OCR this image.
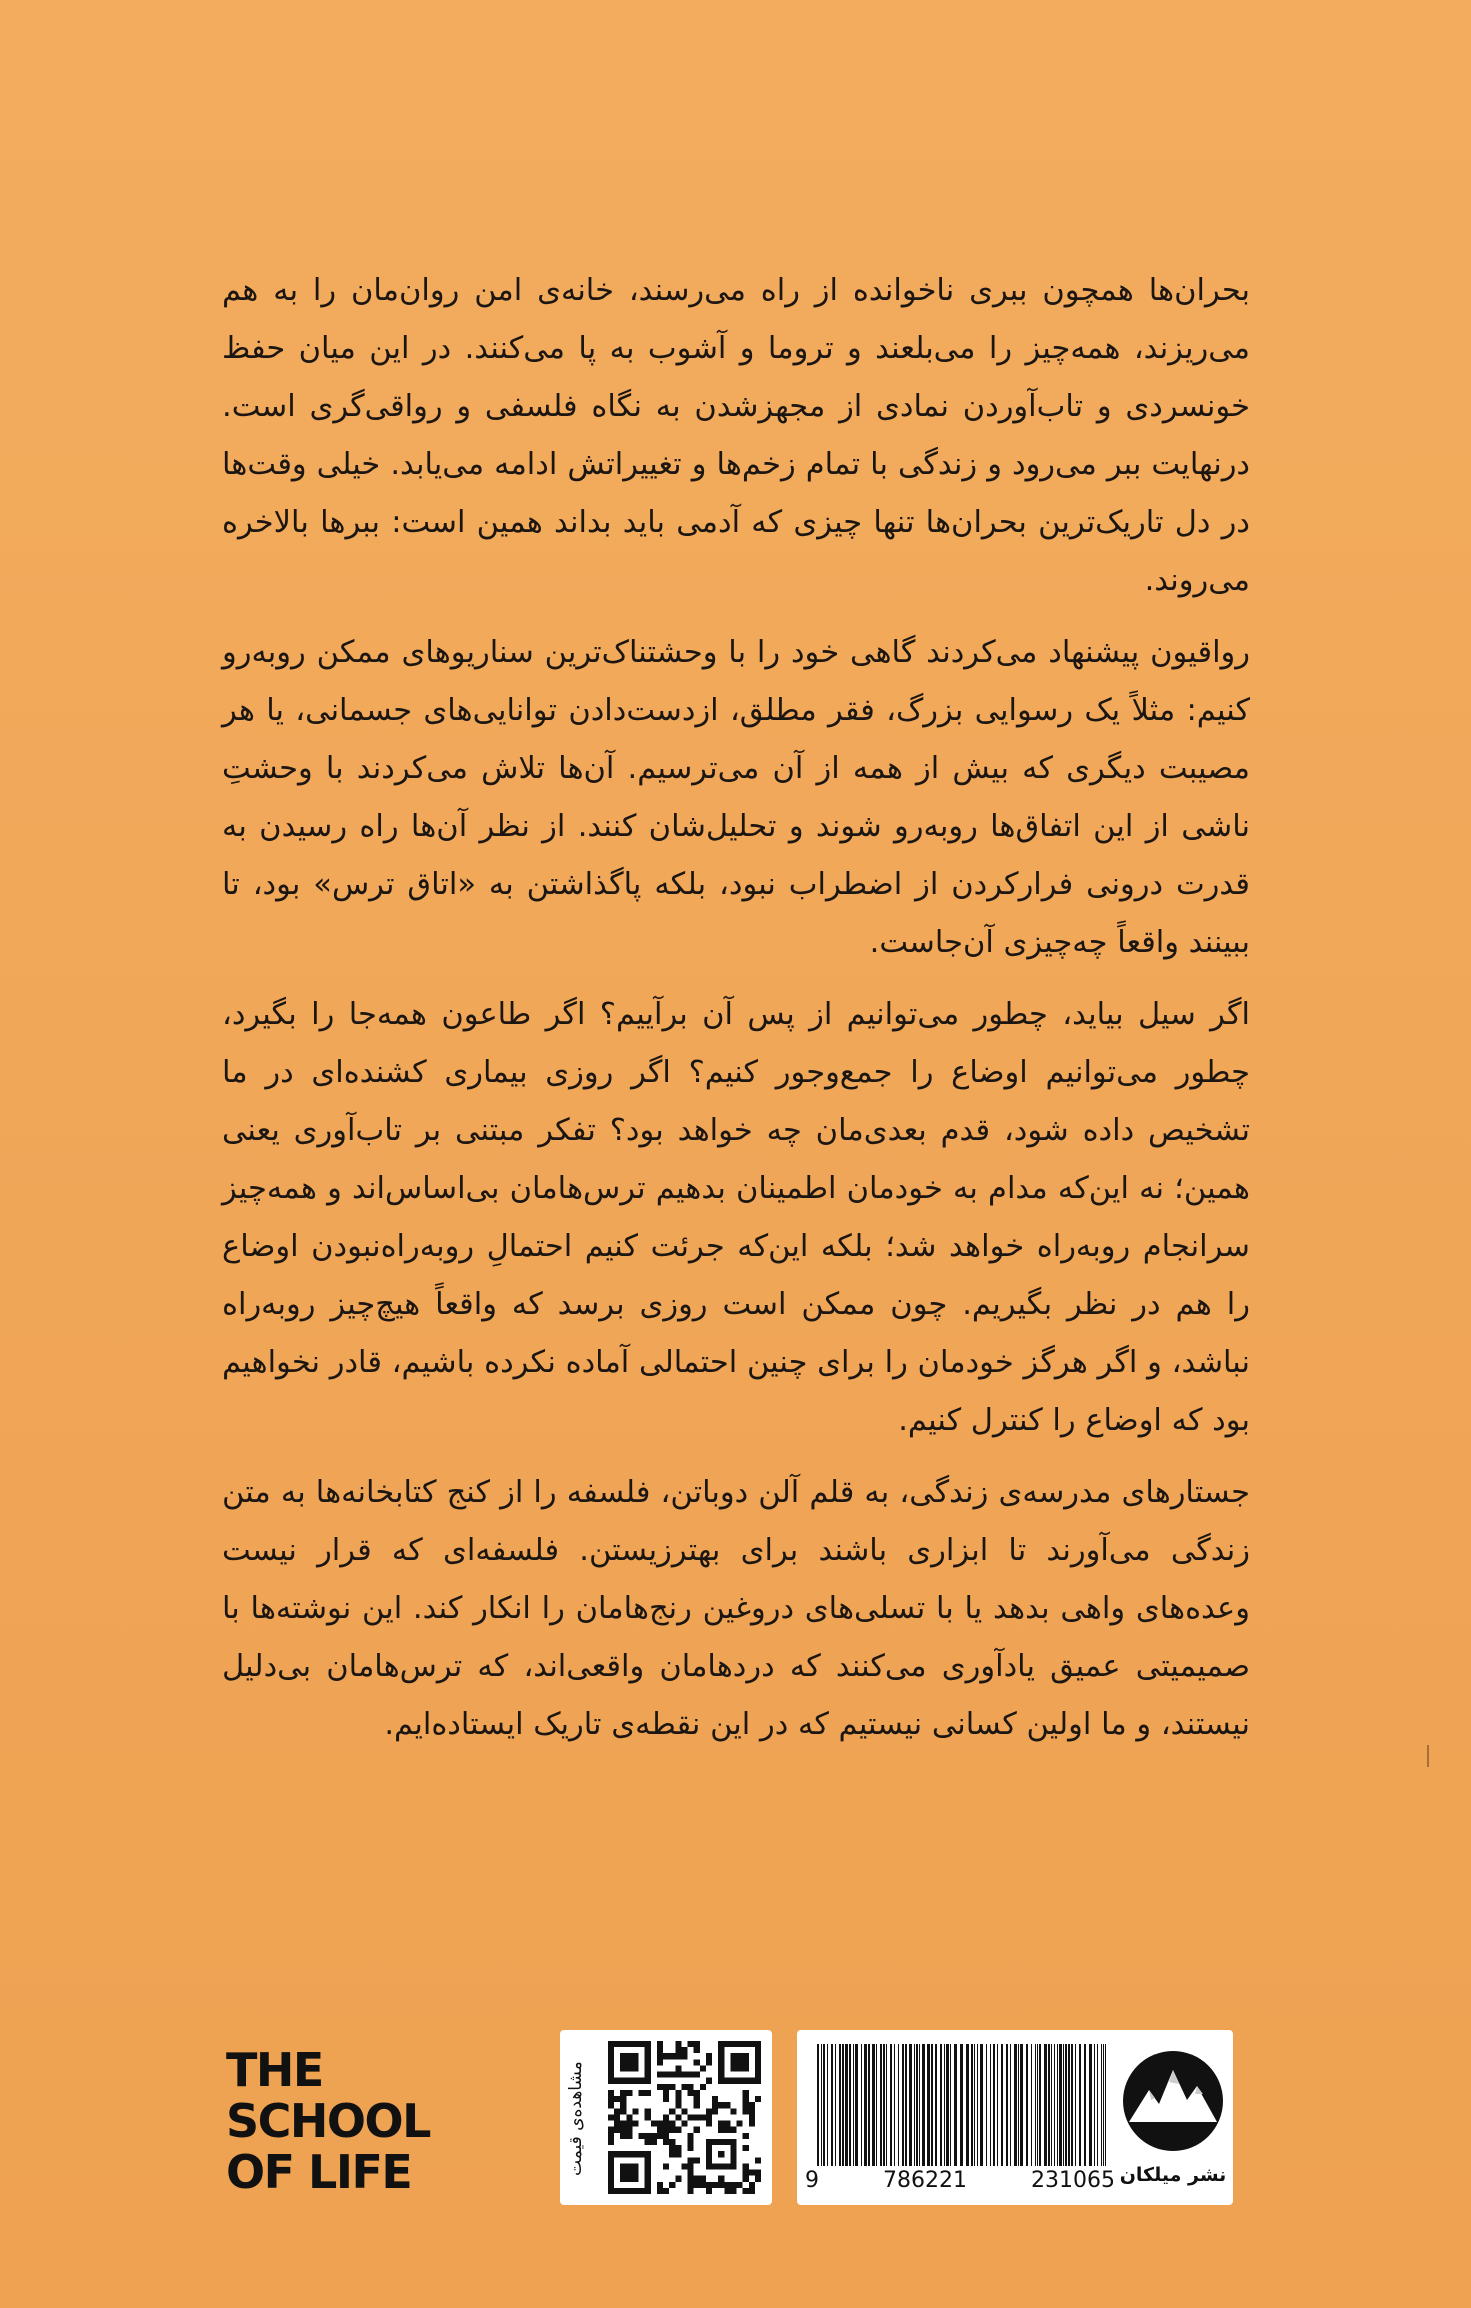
بحران‌ها همچون ببری ناخوانده از راه می‌رسند، خانه‌ی امن روان‌مان را به هم می‌ریزند، همه‌چیز را می‌بلعند و تروما و آشوب به پا می‌کنند. در این میان حفظ خونسردی و تاب‌آوردن نمادی از مجهزشدن به نگاه فلسفی و رواقی‌گری است. درنهایت ببر می‌رود و زندگی با تمام زخم‌ها و تغییراتش ادامه می‌یابد. خیلی وقت‌ها در دل تاریک‌ترین بحران‌ها تنها چیزی که آدمی باید بداند همین است: ببرها بالاخره می‌روند.

رواقیون پیشنهاد می‌کردند گاهی خود را با وحشتناک‌ترین سناریوهای ممکن روبه‌رو کنیم: مثلاً یک رسوایی بزرگ، فقر مطلق، ازدست‌دادن توانایی‌های جسمانی، یا هر مصیبت دیگری که بیش از همه از آن می‌ترسیم. آن‌ها تلاش می‌کردند با وحشتِ ناشی از این اتفاق‌ها روبه‌رو شوند و تحلیل‌شان کنند. از نظر آن‌ها راه رسیدن به قدرت درونی فرارکردن از اضطراب نبود، بلکه پاگذاشتن به «اتاق ترس» بود، تا ببینند واقعاً چه‌چیزی آن‌جاست.

اگر سیل بیاید، چطور می‌توانیم از پس آن برآییم؟ اگر طاعون همه‌جا را بگیرد، چطور می‌توانیم اوضاع را جمع‌وجور کنیم؟ اگر روزی بیماری کشنده‌ای در ما تشخیص داده شود، قدم بعدی‌مان چه خواهد بود؟ تفکر مبتنی بر تاب‌آوری یعنی همین؛ نه این‌که مدام به خودمان اطمینان بدهیم ترس‌هامان بی‌اساس‌اند و همه‌چیز سرانجام روبه‌راه خواهد شد؛ بلکه این‌که جرئت کنیم احتمالِ روبه‌راه‌نبودن اوضاع را هم در نظر بگیریم. چون ممکن است روزی برسد که واقعاً هیچ‌چیز روبه‌راه نباشد، و اگر هرگز خودمان را برای چنین احتمالی آماده نکرده باشیم، قادر نخواهیم بود که اوضاع را کنترل کنیم.

جستارهای مدرسه‌ی زندگی، به قلم آلن دوباتن، فلسفه را از کنج کتابخانه‌ها به متن زندگی می‌آورند تا ابزاری باشند برای بهترزیستن. فلسفه‌ای که قرار نیست وعده‌های واهی بدهد یا با تسلی‌های دروغین رنج‌هامان را انکار کند. این نوشته‌ها با صمیمیتی عمیق یادآوری می‌کنند که دردهامان واقعی‌اند، که ترس‌هامان بی‌دلیل نیستند، و ما اولین کسانی نیستیم که در این نقطه‌ی تاریک ایستاده‌ایم.

THE
SCHOOL
OF LIFE	مشاهده‌ی قیمت
9	786221	231065 نشر میلکان
